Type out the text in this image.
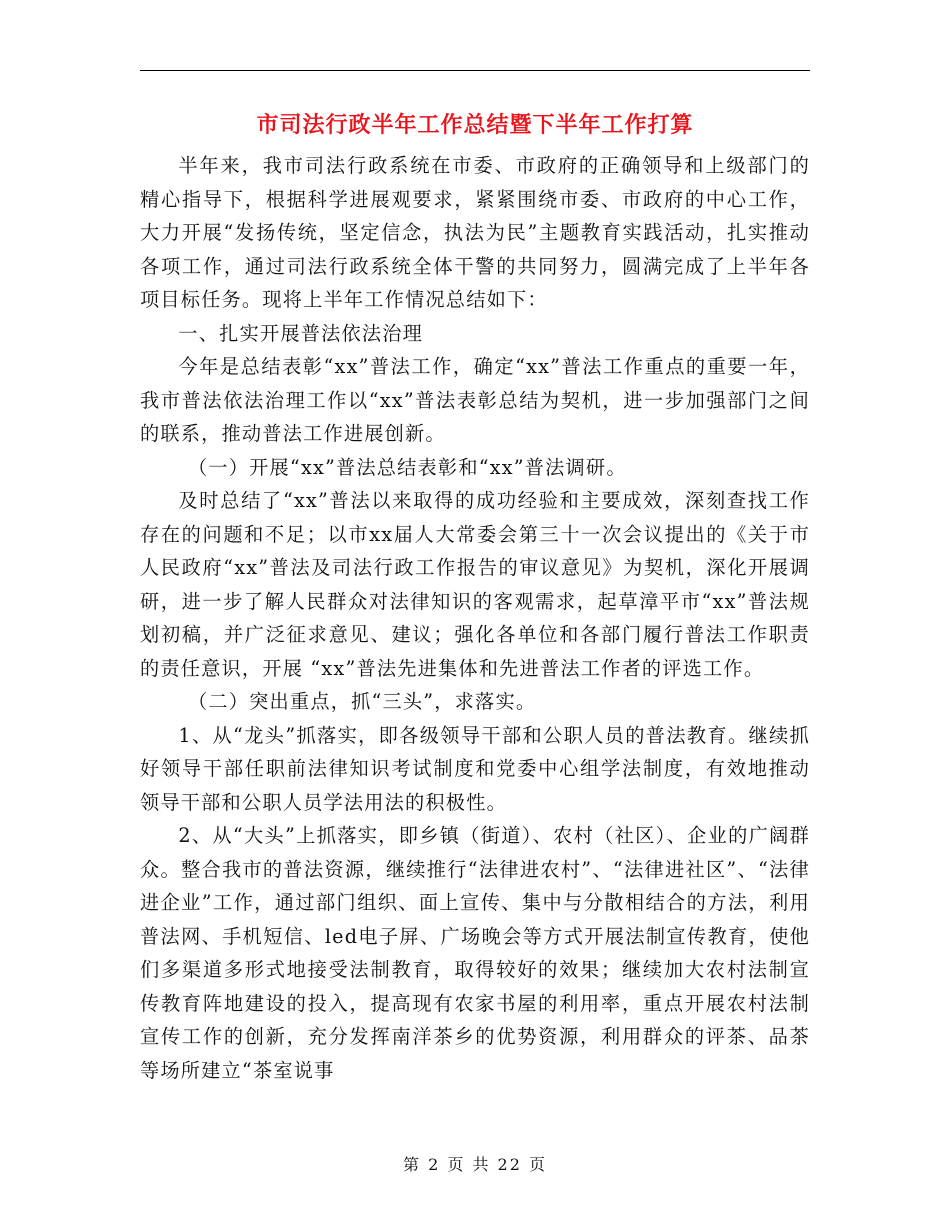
市司法行政半年工作总结暨下半年工作打算

半年来，我市司法行政系统在市委、市政府的正确领导和上级部门的精心指导下，根据科学进展观要求，紧紧围绕市委、市政府的中心工作，大力开展“发扬传统，坚定信念，执法为民”主题教育实践活动，扎实推动各项工作，通过司法行政系统全体干警的共同努力，圆满完成了上半年各项目标任务。现将上半年工作情况总结如下：

一、扎实开展普法依法治理

今年是总结表彰“xx”普法工作，确定“xx”普法工作重点的重要一年，我市普法依法治理工作以“xx”普法表彰总结为契机，进一步加强部门之间的联系，推动普法工作进展创新。

（一）开展“xx”普法总结表彰和“xx”普法调研。

及时总结了“xx”普法以来取得的成功经验和主要成效，深刻查找工作存在的问题和不足；以市xx届人大常委会第三十一次会议提出的《关于市人民政府“xx”普法及司法行政工作报告的审议意见》为契机，深化开展调研，进一步了解人民群众对法律知识的客观需求，起草漳平市“xx”普法规划初稿，并广泛征求意见、建议；强化各单位和各部门履行普法工作职责的责任意识，开展 “xx”普法先进集体和先进普法工作者的评选工作。

（二）突出重点，抓“三头”，求落实。

1、从“龙头”抓落实，即各级领导干部和公职人员的普法教育。继续抓好领导干部任职前法律知识考试制度和党委中心组学法制度，有效地推动领导干部和公职人员学法用法的积极性。

2、从“大头”上抓落实，即乡镇（街道）、农村（社区）、企业的广阔群众。整合我市的普法资源，继续推行“法律进农村”、“法律进社区”、“法律进企业”工作，通过部门组织、面上宣传、集中与分散相结合的方法，利用普法网、手机短信、led电子屏、广场晚会等方式开展法制宣传教育，使他们多渠道多形式地接受法制教育，取得较好的效果；继续加大农村法制宣传教育阵地建设的投入，提高现有农家书屋的利用率，重点开展农村法制宣传工作的创新，充分发挥南洋茶乡的优势资源，利用群众的评茶、品茶等场所建立“茶室说事

第 2 页 共 22 页
